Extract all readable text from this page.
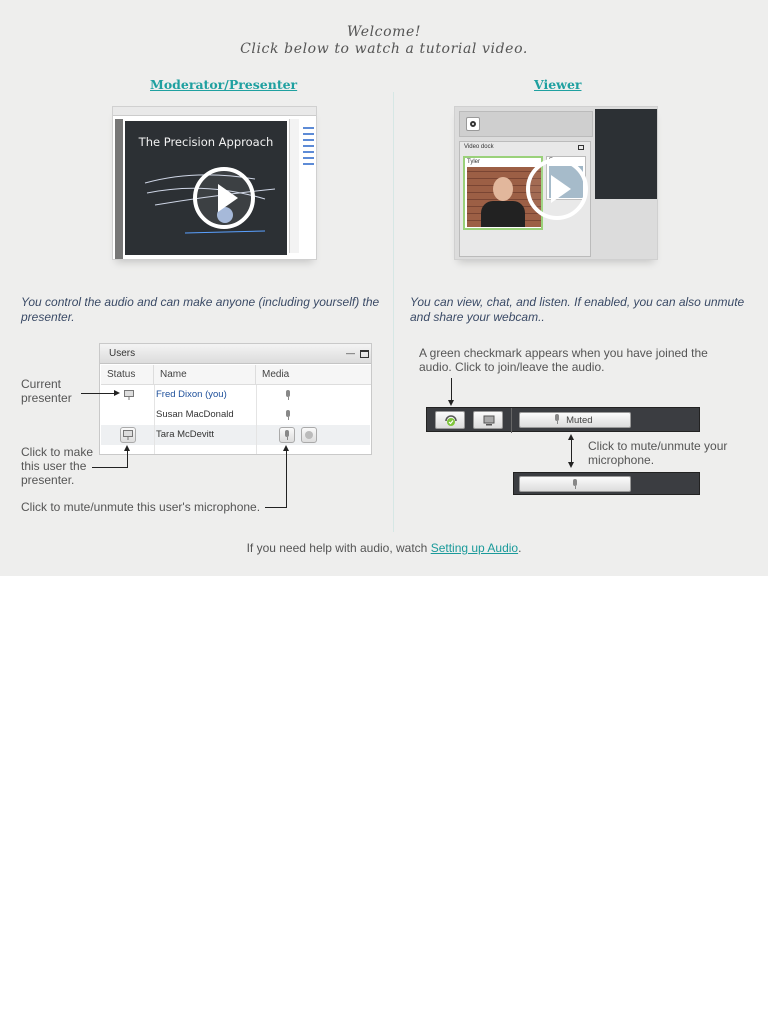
Welcome!
Click below to watch a tutorial video.
Moderator/Presenter
The Precision Approach
You control the audio and can make anyone (including yourself) the presenter.
Users	—
Status	Name	Media
Fred Dixon (you)
Susan MacDonald
Tara McDevitt
Current
presenter
Click to make
this user the
presenter.
Click to mute/unmute this user's microphone.
Viewer
Video dock
Tyler	Fre
You can view, chat, and listen. If enabled, you can also unmute and share your webcam..
A green checkmark appears when you have joined the audio. Click to join/leave the audio.
Muted
Click to mute/unmute your
microphone.
If you need help with audio, watch Setting up Audio.
